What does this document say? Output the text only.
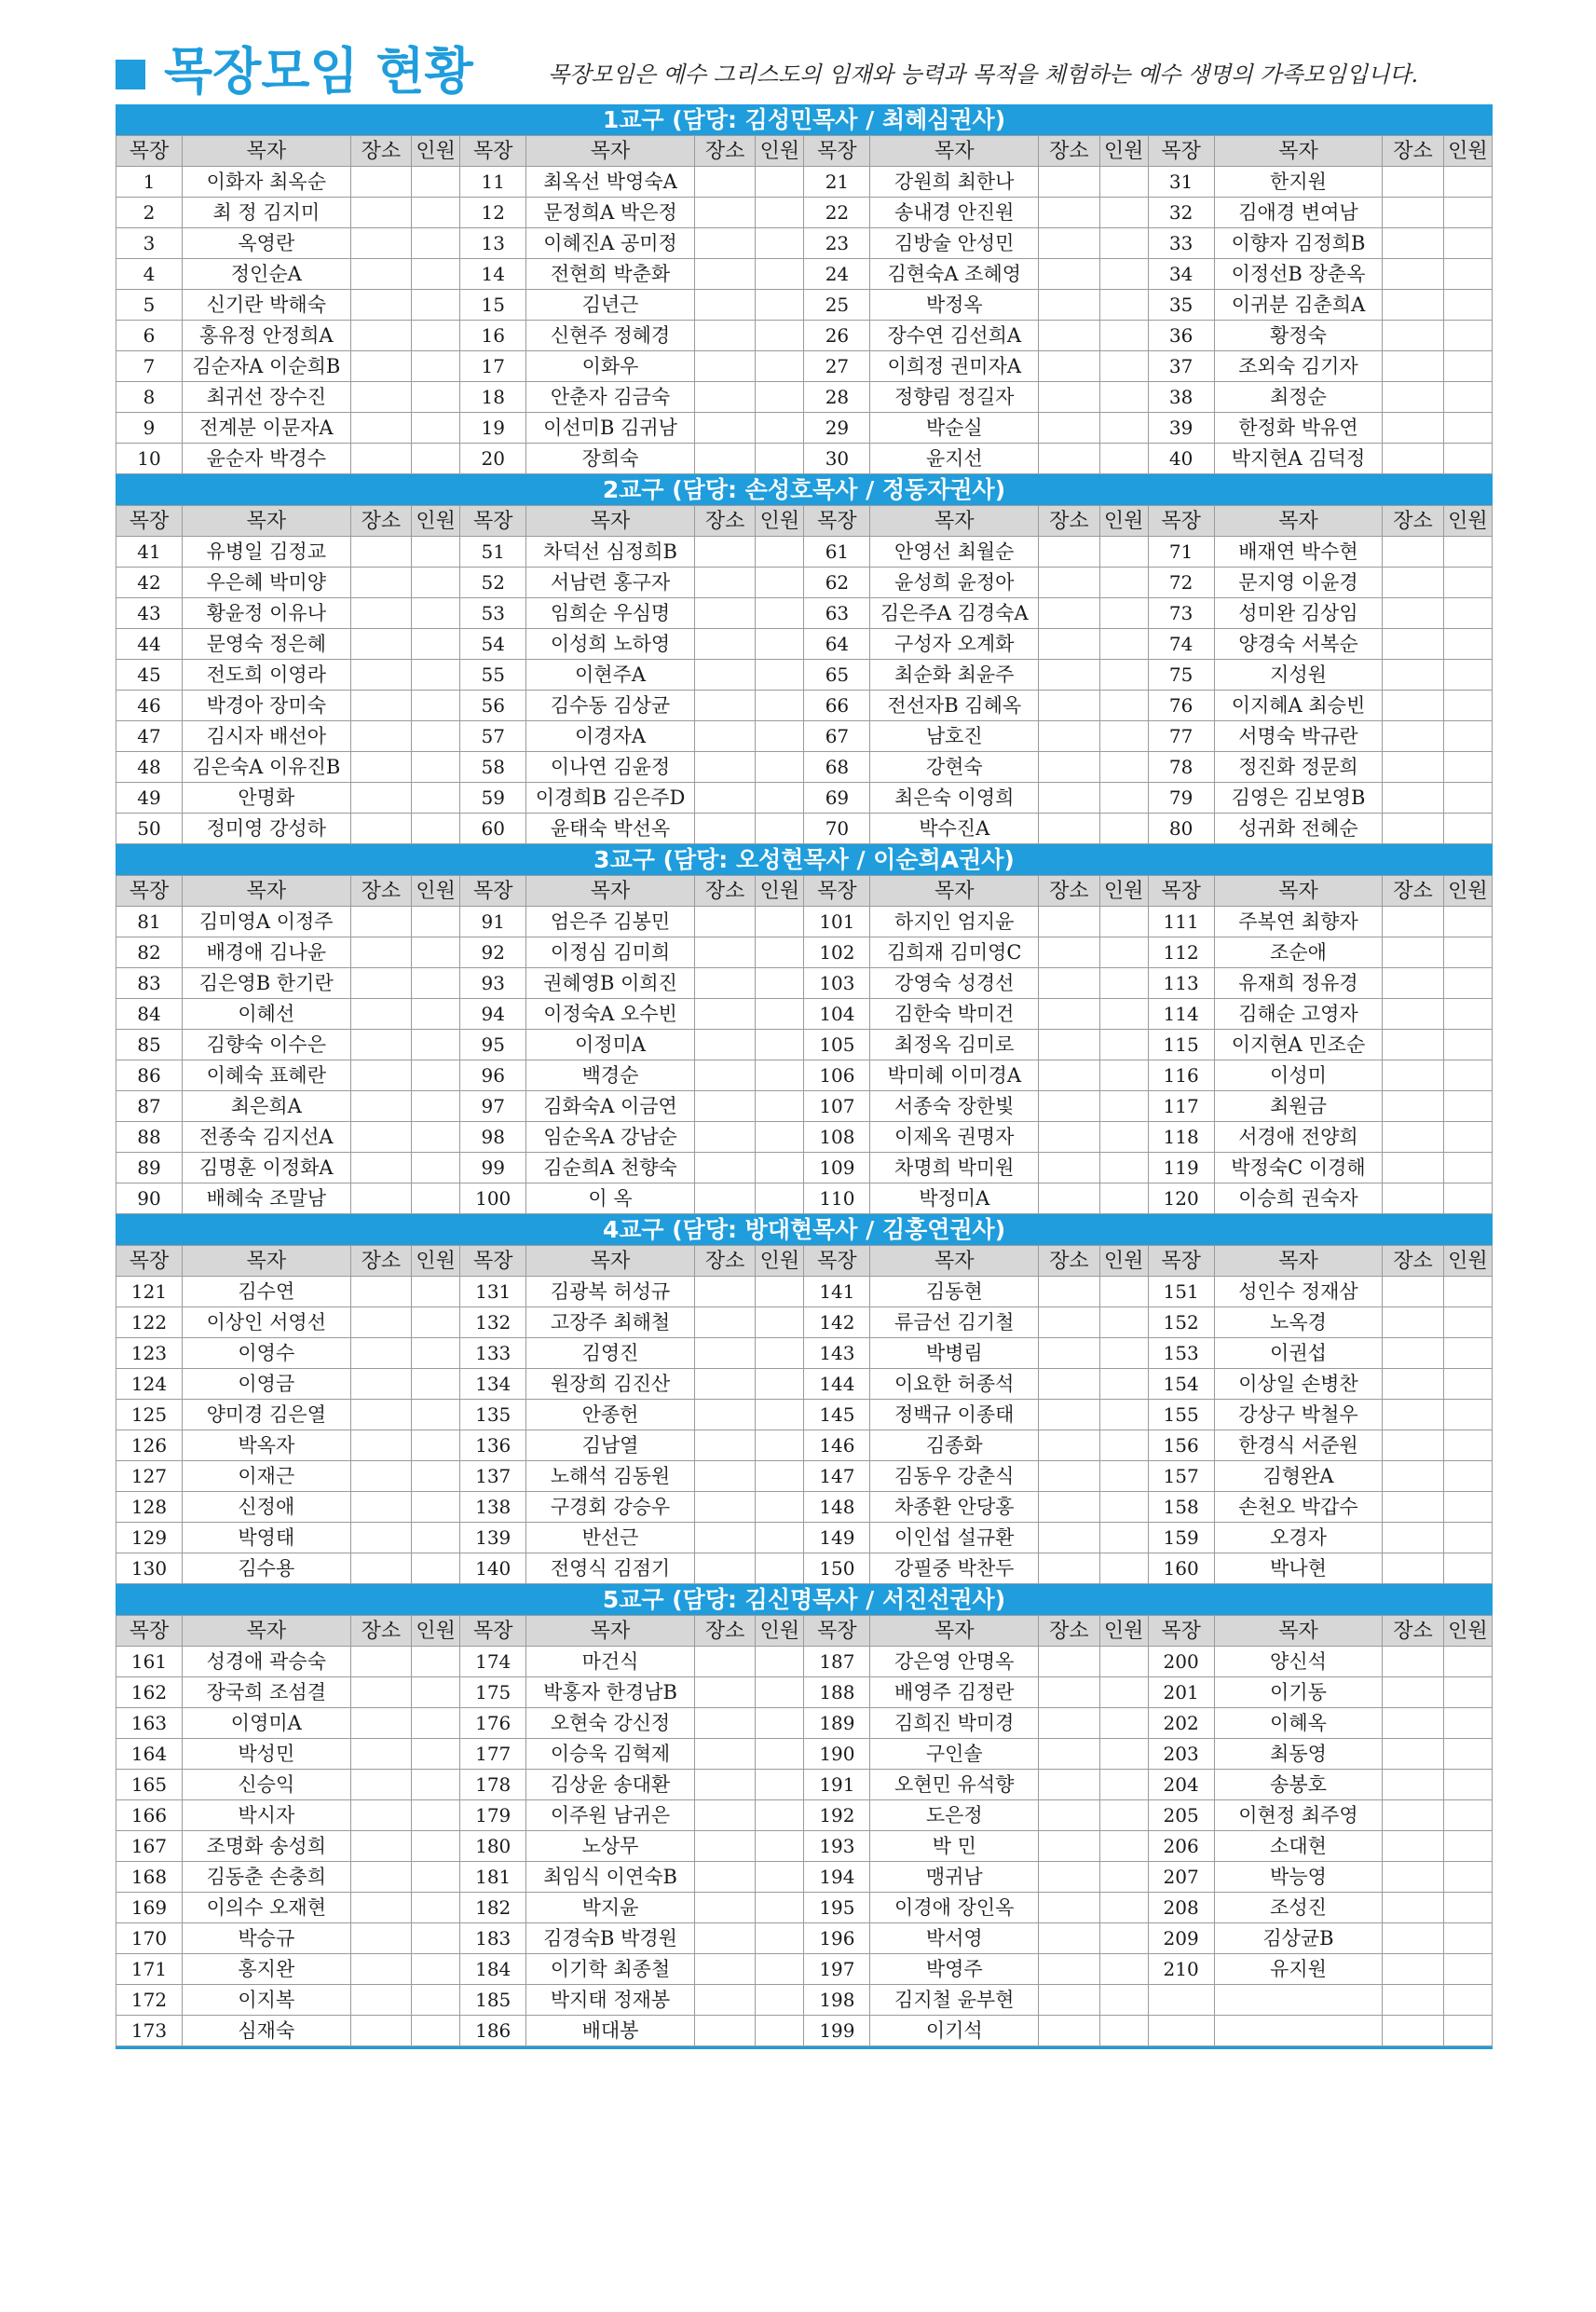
목장모임 현황	목장모임은 예수 그리스도의 임재와 능력과 목적을 체험하는 예수 생명의 가족모임입니다.
1교구 (담당: 김성민목사 / 최혜심권사)
목장	목자	장소	인원	목장	목자	장소	인원	목장	목자	장소	인원	목장	목자	장소	인원
1	이화자 최옥순			11	최옥선 박영숙A			21	강원희 최한나			31	한지원		
2	최 정 김지미			12	문정희A 박은정			22	송내경 안진원			32	김애경 변여남		
3	옥영란			13	이혜진A 공미정			23	김방술 안성민			33	이향자 김정희B		
4	정인순A			14	전현희 박춘화			24	김현숙A 조혜영			34	이정선B 장춘옥		
5	신기란 박해숙			15	김년근			25	박정옥			35	이귀분 김춘희A		
6	홍유정 안정희A			16	신현주 정혜경			26	장수연 김선희A			36	황정숙		
7	김순자A 이순희B			17	이화우			27	이희정 권미자A			37	조외숙 김기자		
8	최귀선 장수진			18	안춘자 김금숙			28	정향림 정길자			38	최정순		
9	전계분 이문자A			19	이선미B 김귀남			29	박순실			39	한정화 박유연		
10	윤순자 박경수			20	장희숙			30	윤지선			40	박지현A 김덕정		
2교구 (담당: 손성호목사 / 정동자권사)
목장	목자	장소	인원	목장	목자	장소	인원	목장	목자	장소	인원	목장	목자	장소	인원
41	유병일 김정교			51	차덕선 심정희B			61	안영선 최월순			71	배재연 박수현		
42	우은혜 박미양			52	서남련 홍구자			62	윤성희 윤정아			72	문지영 이윤경		
43	황윤정 이유나			53	임희순 우심명			63	김은주A 김경숙A			73	성미완 김상임		
44	문영숙 정은혜			54	이성희 노하영			64	구성자 오계화			74	양경숙 서복순		
45	전도희 이영라			55	이현주A			65	최순화 최윤주			75	지성원		
46	박경아 장미숙			56	김수동 김상균			66	전선자B 김혜옥			76	이지혜A 최승빈		
47	김시자 배선아			57	이경자A			67	남호진			77	서명숙 박규란		
48	김은숙A 이유진B			58	이나연 김윤정			68	강현숙			78	정진화 정문희		
49	안명화			59	이경희B 김은주D			69	최은숙 이영희			79	김영은 김보영B		
50	정미영 강성하			60	윤태숙 박선옥			70	박수진A			80	성귀화 전혜순		
3교구 (담당: 오성현목사 / 이순희A권사)
목장	목자	장소	인원	목장	목자	장소	인원	목장	목자	장소	인원	목장	목자	장소	인원
81	김미영A 이정주			91	엄은주 김봉민			101	하지인 엄지윤			111	주복연 최향자		
82	배경애 김나윤			92	이정심 김미희			102	김희재 김미영C			112	조순애		
83	김은영B 한기란			93	권혜영B 이희진			103	강영숙 성경선			113	유재희 정유경		
84	이혜선			94	이정숙A 오수빈			104	김한숙 박미건			114	김해순 고영자		
85	김향숙 이수은			95	이정미A			105	최정옥 김미로			115	이지현A 민조순		
86	이혜숙 표혜란			96	백경순			106	박미혜 이미경A			116	이성미		
87	최은희A			97	김화숙A 이금연			107	서종숙 장한빛			117	최원금		
88	전종숙 김지선A			98	임순옥A 강남순			108	이제옥 권명자			118	서경애 전양희		
89	김명훈 이정화A			99	김순희A 천향숙			109	차명희 박미원			119	박정숙C 이경해		
90	배혜숙 조말남			100	이 옥			110	박정미A			120	이승희 권숙자		
4교구 (담당: 방대현목사 / 김홍연권사)
목장	목자	장소	인원	목장	목자	장소	인원	목장	목자	장소	인원	목장	목자	장소	인원
121	김수연			131	김광복 허성규			141	김동현			151	성인수 정재삼		
122	이상인 서영선			132	고장주 최해철			142	류금선 김기철			152	노옥경		
123	이영수			133	김영진			143	박병림			153	이권섭		
124	이영금			134	원장희 김진산			144	이요한 허종석			154	이상일 손병찬		
125	양미경 김은열			135	안종헌			145	정백규 이종태			155	강상구 박철우		
126	박옥자			136	김남열			146	김종화			156	한경식 서준원		
127	이재근			137	노해석 김동원			147	김동우 강춘식			157	김형완A		
128	신정애			138	구경회 강승우			148	차종환 안당홍			158	손천오 박갑수		
129	박영태			139	반선근			149	이인섭 설규환			159	오경자		
130	김수용			140	전영식 김점기			150	강필중 박찬두			160	박나현		
5교구 (담당: 김신명목사 / 서진선권사)
목장	목자	장소	인원	목장	목자	장소	인원	목장	목자	장소	인원	목장	목자	장소	인원
161	성경애 곽승숙			174	마건식			187	강은영 안명옥			200	양신석		
162	장국희 조섬결			175	박홍자 한경남B			188	배영주 김정란			201	이기동		
163	이영미A			176	오현숙 강신정			189	김희진 박미경			202	이혜옥		
164	박성민			177	이승욱 김혁제			190	구인솔			203	최동영		
165	신승익			178	김상윤 송대환			191	오현민 유석향			204	송봉호		
166	박시자			179	이주원 남귀은			192	도은정			205	이현정 최주영		
167	조명화 송성희			180	노상무			193	박 민			206	소대현		
168	김동춘 손충희			181	최임식 이연숙B			194	맹귀남			207	박능영		
169	이의수 오재현			182	박지윤			195	이경애 장인옥			208	조성진		
170	박승규			183	김경숙B 박경원			196	박서영			209	김상균B		
171	홍지완			184	이기학 최종철			197	박영주			210	유지원		
172	이지복			185	박지태 정재봉			198	김지철 윤부현						
173	심재숙			186	배대봉			199	이기석						
